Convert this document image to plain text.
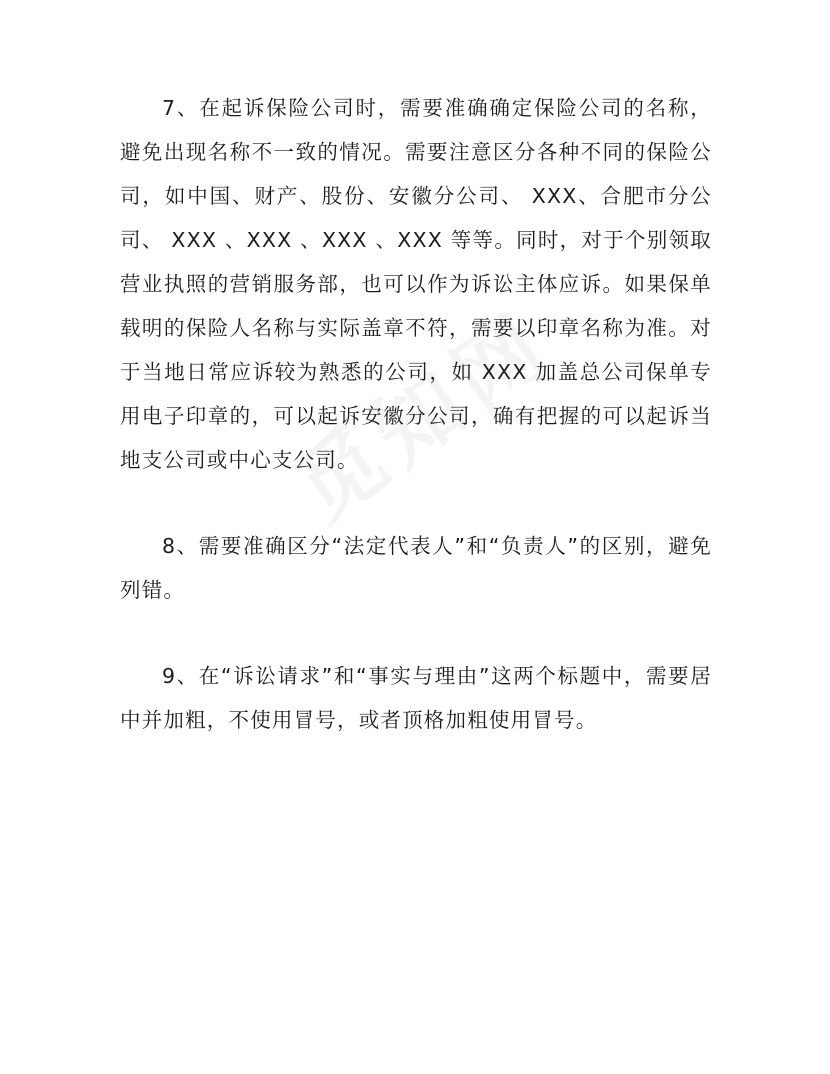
7、在起诉保险公司时，需要准确确定保险公司的名称，避免出现名称不一致的情况。需要注意区分各种不同的保险公司，如中国、财产、股份、安徽分公司、 XXX、合肥市分公司、 XXX 、XXX 、XXX 、XXX 等等。同时，对于个别领取营业执照的营销服务部，也可以作为诉讼主体应诉。如果保单载明的保险人名称与实际盖章不符，需要以印章名称为准。对于当地日常应诉较为熟悉的公司，如 XXX 加盖总公司保单专用电子印章的，可以起诉安徽分公司，确有把握的可以起诉当地支公司或中心支公司。

8、需要准确区分“法定代表人”和“负责人”的区别，避免列错。

9、在“诉讼请求”和“事实与理由”这两个标题中，需要居中并加粗，不使用冒号，或者顶格加粗使用冒号。
